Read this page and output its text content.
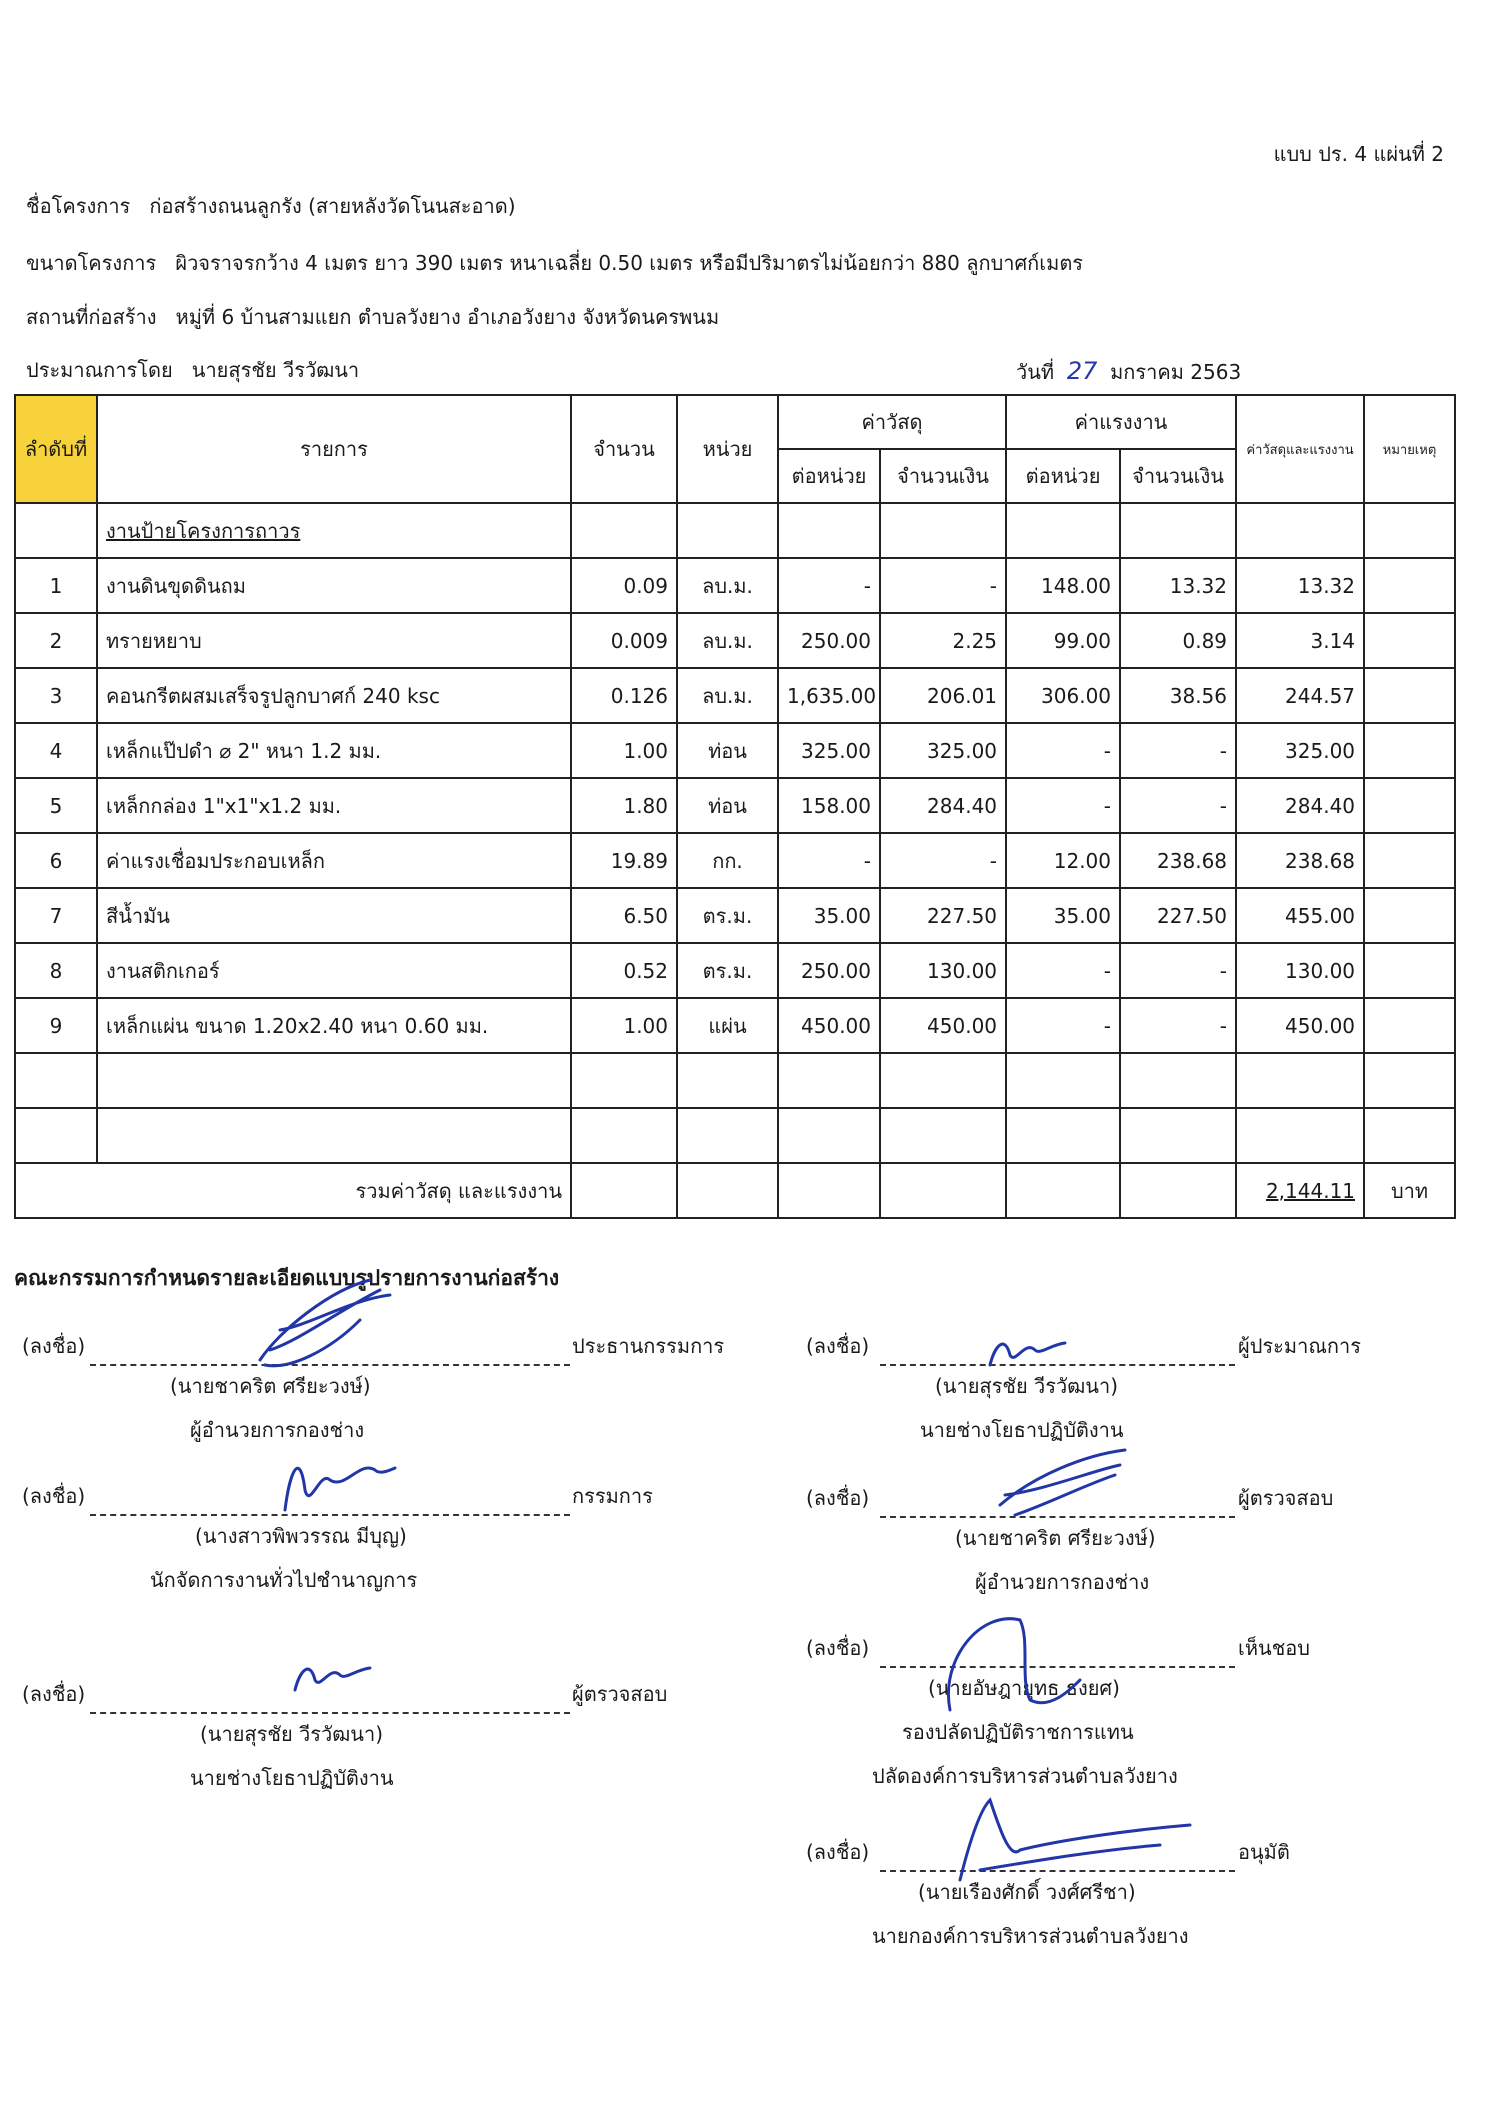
แบบ ปร. 4 แผ่นที่ 2
ชื่อโครงการ ก่อสร้างถนนลูกรัง (สายหลังวัดโนนสะอาด)
ขนาดโครงการ ผิวจราจรกว้าง 4 เมตร ยาว 390 เมตร หนาเฉลี่ย 0.50 เมตร หรือมีปริมาตรไม่น้อยกว่า 880 ลูกบาศก์เมตร
สถานที่ก่อสร้าง หมู่ที่ 6 บ้านสามแยก ตำบลวังยาง อำเภอวังยาง จังหวัดนครพนม
ประมาณการโดย นายสุรชัย วีรวัฒนา	วันที่ 27 มกราคม 2563
ลำดับที่	รายการ	จำนวน	หน่วย	ค่าวัสดุ		ค่าแรงงาน		ค่าวัสดุและแรงงาน	หมายเหตุ
				ต่อหน่วย	จำนวนเงิน	ต่อหน่วย	จำนวนเงิน		
	งานป้ายโครงการถาวร								
1	งานดินขุดดินถม	0.09	ลบ.ม.	-	-	148.00	13.32	13.32	
2	ทรายหยาบ	0.009	ลบ.ม.	250.00	2.25	99.00	0.89	3.14	
3	คอนกรีตผสมเสร็จรูปลูกบาศก์ 240 ksc	0.126	ลบ.ม.	1,635.00	206.01	306.00	38.56	244.57	
4	เหล็กแป๊ปดำ ⌀ 2" หนา 1.2 มม.	1.00	ท่อน	325.00	325.00	-	-	325.00	
5	เหล็กกล่อง 1"x1"x1.2 มม.	1.80	ท่อน	158.00	284.40	-	-	284.40	
6	ค่าแรงเชื่อมประกอบเหล็ก	19.89	กก.	-	-	12.00	238.68	238.68	
7	สีน้ำมัน	6.50	ตร.ม.	35.00	227.50	35.00	227.50	455.00	
8	งานสติกเกอร์	0.52	ตร.ม.	250.00	130.00	-	-	130.00	
9	เหล็กแผ่น ขนาด 1.20x2.40 หนา 0.60 มม.	1.00	แผ่น	450.00	450.00	-	-	450.00	

รวมค่าวัสดุ และแรงงาน								2,144.11	บาท
คณะกรรมการกำหนดรายละเอียดแบบรูปรายการงานก่อสร้าง
(ลงชื่อ)	ประธานกรรมการ
(นายชาคริต ศรียะวงษ์)
ผู้อำนวยการกองช่าง
(ลงชื่อ)	ผู้ประมาณการ
(นายสุรชัย วีรวัฒนา)
นายช่างโยธาปฏิบัติงาน
(ลงชื่อ)	กรรมการ
(นางสาวพิพวรรณ มีบุญ)
นักจัดการงานทั่วไปชำนาญการ
(ลงชื่อ)	ผู้ตรวจสอบ
(นายชาคริต ศรียะวงษ์)
ผู้อำนวยการกองช่าง
(ลงชื่อ)	ผู้ตรวจสอบ
(นายสุรชัย วีรวัฒนา)
นายช่างโยธาปฏิบัติงาน
(ลงชื่อ)	เห็นชอบ
(นายอัษฎายุทธ ธงยศ)
รองปลัดปฏิบัติราชการแทน
ปลัดองค์การบริหารส่วนตำบลวังยาง
(ลงชื่อ)	อนุมัติ
(นายเรืองศักดิ์ วงศ์ศรีชา)
นายกองค์การบริหารส่วนตำบลวังยาง
